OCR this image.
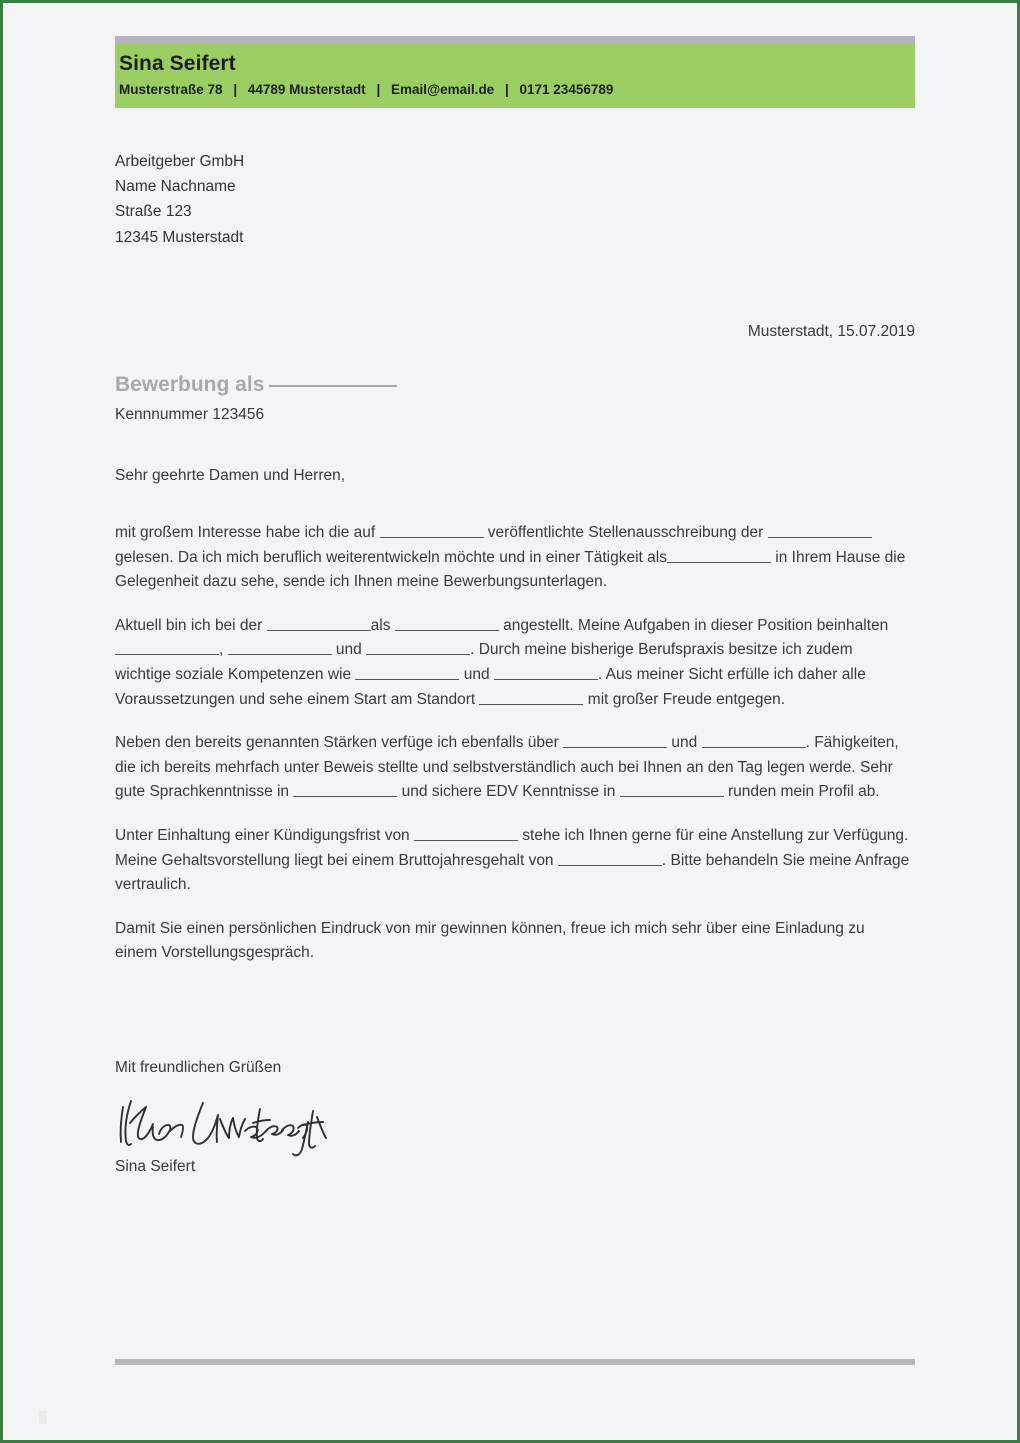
Sina Seifert
Musterstraße 78 | 44789 Musterstadt | Email@email.de | 0171 23456789
Arbeitgeber GmbH
Name Nachname
Straße 123
12345 Musterstadt
Musterstadt, 15.07.2019
Bewerbung als
Kennnummer 123456
Sehr geehrte Damen und Herren,
mit großem Interesse habe ich die auf	veröffentlichte Stellenausschreibung der  gelesen. Da ich mich beruflich weiterentwickeln möchte und in einer Tätigkeit als	in Ihrem Hause die Gelegenheit dazu sehe, sende ich Ihnen meine Bewerbungsunterlagen.
Aktuell bin ich bei der	als	angestellt. Meine Aufgaben in dieser Position beinhalten ,	und	. Durch meine bisherige Berufspraxis besitze ich zudem wichtige soziale Kompetenzen wie	und	. Aus meiner Sicht erfülle ich daher alle Voraussetzungen und sehe einem Start am Standort	mit großer Freude entgegen.
Neben den bereits genannten Stärken verfüge ich ebenfalls über	und	. Fähigkeiten, die ich bereits mehrfach unter Beweis stellte und selbstverständlich auch bei Ihnen an den Tag legen werde. Sehr gute Sprachkenntnisse in	und sichere EDV Kenntnisse in	runden mein Profil ab.
Unter Einhaltung einer Kündigungsfrist von	stehe ich Ihnen gerne für eine Anstellung zur Verfügung. Meine Gehaltsvorstellung liegt bei einem Bruttojahresgehalt von	. Bitte behandeln Sie meine Anfrage vertraulich.
Damit Sie einen persönlichen Eindruck von mir gewinnen können, freue ich mich sehr über eine Einladung zu einem Vorstellungsgespräch.
Mit freundlichen Grüßen
Sina Seifert
